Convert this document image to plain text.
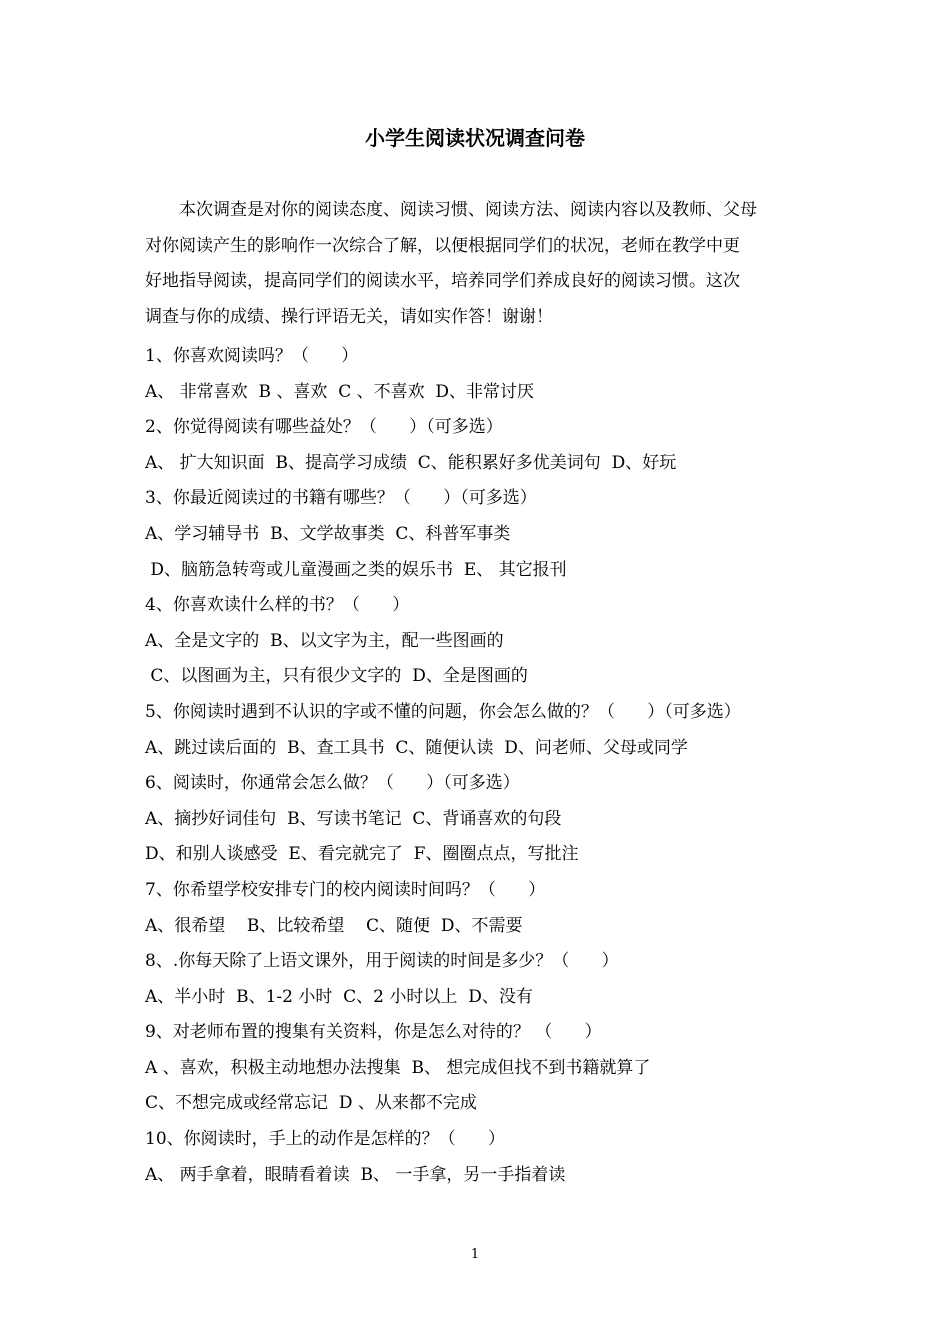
小学生阅读状况调查问卷
本次调查是对你的阅读态度、阅读习惯、阅读方法、阅读内容以及教师、父母
对你阅读产生的影响作一次综合了解，以便根据同学们的状况，老师在教学中更
好地指导阅读，提高同学们的阅读水平，培养同学们养成良好的阅读习惯。这次
调查与你的成绩、操行评语无关，请如实作答！谢谢！
1、你喜欢阅读吗？（      ）
A、 非常喜欢  B 、喜欢  C 、不喜欢  D、非常讨厌
2、你觉得阅读有哪些益处？（      ）（可多选）
A、 扩大知识面  B、提高学习成绩  C、能积累好多优美词句  D、好玩
3、你最近阅读过的书籍有哪些？（      ）（可多选）
A、学习辅导书  B、文学故事类  C、科普军事类
D、脑筋急转弯或儿童漫画之类的娱乐书  E、 其它报刊
4、你喜欢读什么样的书？（      ）
A、全是文字的  B、以文字为主，配一些图画的
C、以图画为主，只有很少文字的  D、全是图画的
5、你阅读时遇到不认识的字或不懂的问题，你会怎么做的？（      ）（可多选）
A、跳过读后面的  B、查工具书  C、随便认读  D、问老师、父母或同学
6、阅读时，你通常会怎么做？（      ）（可多选）
A、摘抄好词佳句  B、写读书笔记  C、背诵喜欢的句段
D、和别人谈感受  E、看完就完了  F、圈圈点点，写批注
7、你希望学校安排专门的校内阅读时间吗？（      ）
A、很希望    B、比较希望    C、随便  D、不需要
8、.你每天除了上语文课外，用于阅读的时间是多少？（      ）
A、半小时  B、1-2 小时  C、2 小时以上  D、没有
9、对老师布置的搜集有关资料，你是怎么对待的？ （      ）
A 、喜欢，积极主动地想办法搜集  B、 想完成但找不到书籍就算了
C、不想完成或经常忘记  D 、从来都不完成
10、你阅读时，手上的动作是怎样的？（      ）
A、 两手拿着，眼睛看着读  B、 一手拿，另一手指着读
1
